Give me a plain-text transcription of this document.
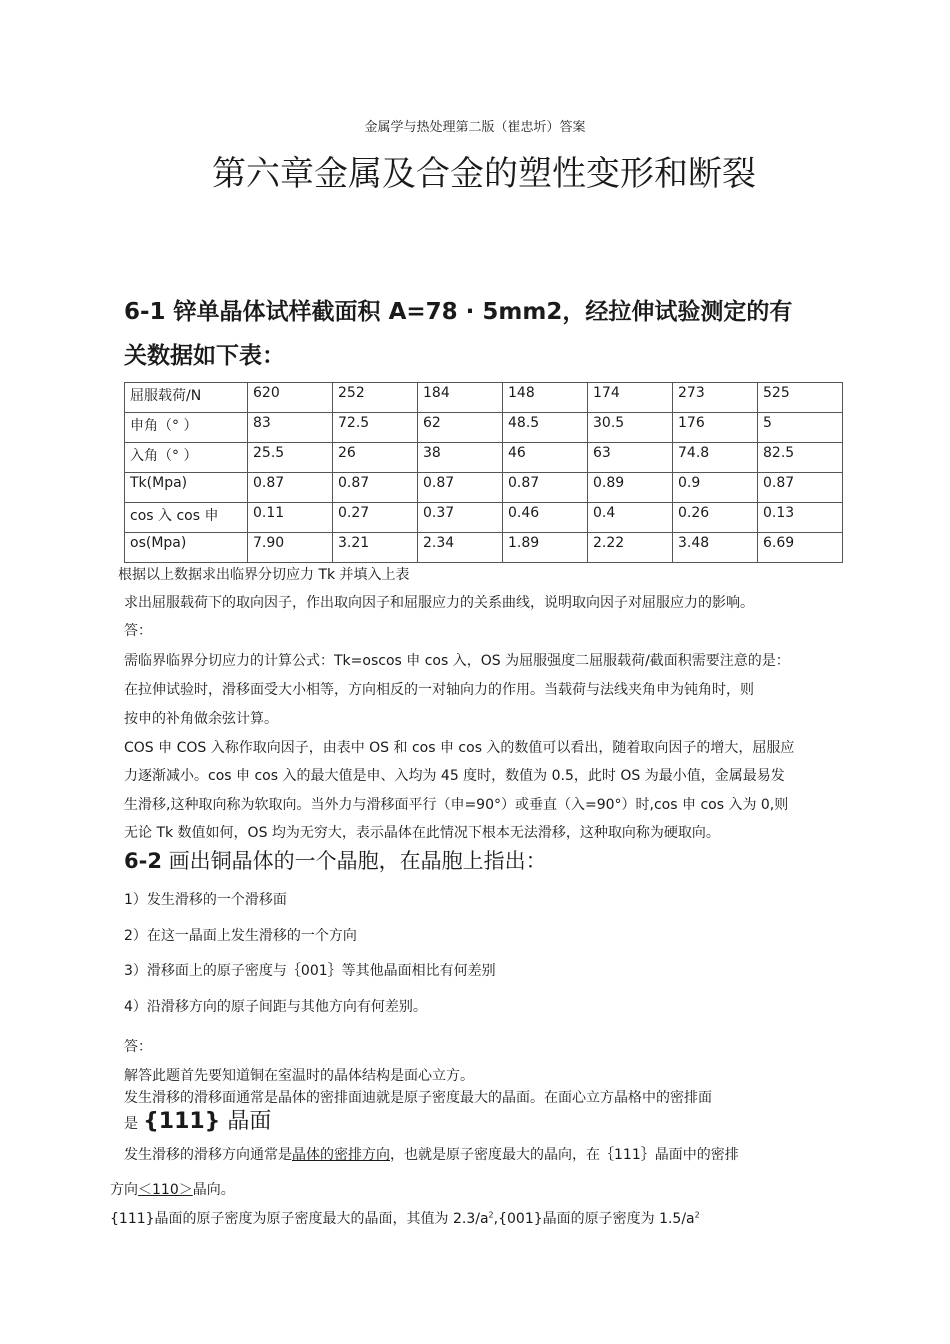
金属学与热处理第二版（崔忠圻）答案
第六章金属及合金的塑性变形和断裂
6-1 锌单晶体试样截面积 A=78 · 5mm2，经拉伸试验测定的有
关数据如下表：
屈服载荷/N	620	252	184	148	174	273	525
申角（° ）	83	72.5	62	48.5	30.5	176	5
入角（° ）	25.5	26	38	46	63	74.8	82.5
Tk(Mpa)	0.87	0.87	0.87	0.87	0.89	0.9	0.87
cos 入 cos 申	0.11	0.27	0.37	0.46	0.4	0.26	0.13
os(Mpa)	7.90	3.21	2.34	1.89	2.22	3.48	6.69
根据以上数据求出临界分切应力 Tk 并填入上表
求出屈服载荷下的取向因子，作出取向因子和屈服应力的关系曲线，说明取向因子对屈服应力的影响。
答：
需临界临界分切应力的计算公式：Tk=oscos 申 cos 入，OS 为屈服强度二屈服载荷/截面积需要注意的是：
在拉伸试验时，滑移面受大小相等，方向相反的一对轴向力的作用。当载荷与法线夹角申为钝角时，则
按申的补角做余弦计算。
COS 申 COS 入称作取向因子，由表中 OS 和 cos 申 cos 入的数值可以看出，随着取向因子的增大，屈服应
力逐渐减小。cos 申 cos 入的最大值是申、入均为 45 度时，数值为 0.5，此时 OS 为最小值，金属最易发
生滑移,这种取向称为软取向。当外力与滑移面平行（申=90°）或垂直（入=90°）时,cos 申 cos 入为 0,则
无论 Tk 数值如何，OS 均为无穷大，表示晶体在此情况下根本无法滑移，这种取向称为硬取向。
6-2 画出铜晶体的一个晶胞，在晶胞上指出：
1）发生滑移的一个滑移面
2）在这一晶面上发生滑移的一个方向
3）滑移面上的原子密度与｛001｝等其他晶面相比有何差别
4）沿滑移方向的原子间距与其他方向有何差别。
答：
解答此题首先要知道铜在室温时的晶体结构是面心立方。
发生滑移的滑移面通常是晶体的密排面迪就是原子密度最大的晶面。在面心立方晶格中的密排面
是 {111} 晶面
发生滑移的滑移方向通常是晶体的密排方向，也就是原子密度最大的晶向，在｛111｝晶面中的密排
方向＜110＞晶向。
{111}晶面的原子密度为原子密度最大的晶面，其值为 $2.3/a^2,\{001\}$晶面的原子密度为 $1.5/a^2$
